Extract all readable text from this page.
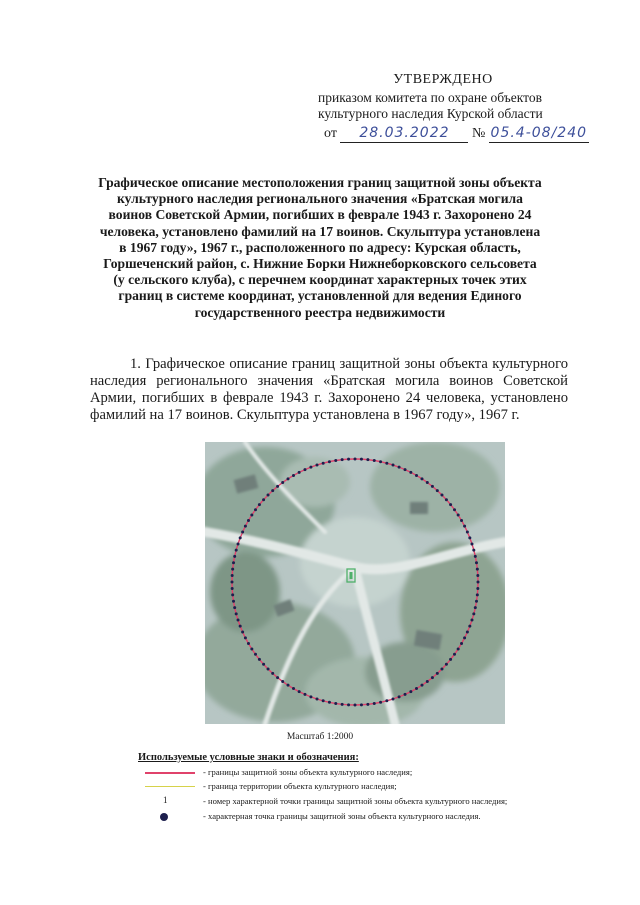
УТВЕРЖДЕНО
приказом комитета по охране объектов
культурного наследия Курской области
от 28.03.2022 № 05.4-08/240
Графическое описание местоположения границ защитной зоны объекта культурного наследия регионального значения «Братская могила воинов Советской Армии, погибших в феврале 1943 г. Захоронено 24 человека, установлено фамилий на 17 воинов. Скульптура установлена в 1967 году», 1967 г., расположенного по адресу: Курская область, Горшеченский район, с. Нижние Борки Нижнеборковского сельсовета (у сельского клуба), с перечнем координат характерных точек этих границ в системе координат, установленной для ведения Единого государственного реестра недвижимости
1. Графическое описание границ защитной зоны объекта культурного наследия регионального значения «Братская могила воинов Советской Армии, погибших в феврале 1943 г. Захоронено 24 человека, установлено фамилий на 17 воинов. Скульптура установлена в 1967 году», 1967 г.
Масштаб 1:2000
Используемые условные знаки и обозначения:
- границы защитной зоны объекта культурного наследия;
- граница территории объекта культурного наследия;
1	- номер характерной точки границы защитной зоны объекта культурного наследия;
- характерная точка границы защитной зоны объекта культурного наследия.
